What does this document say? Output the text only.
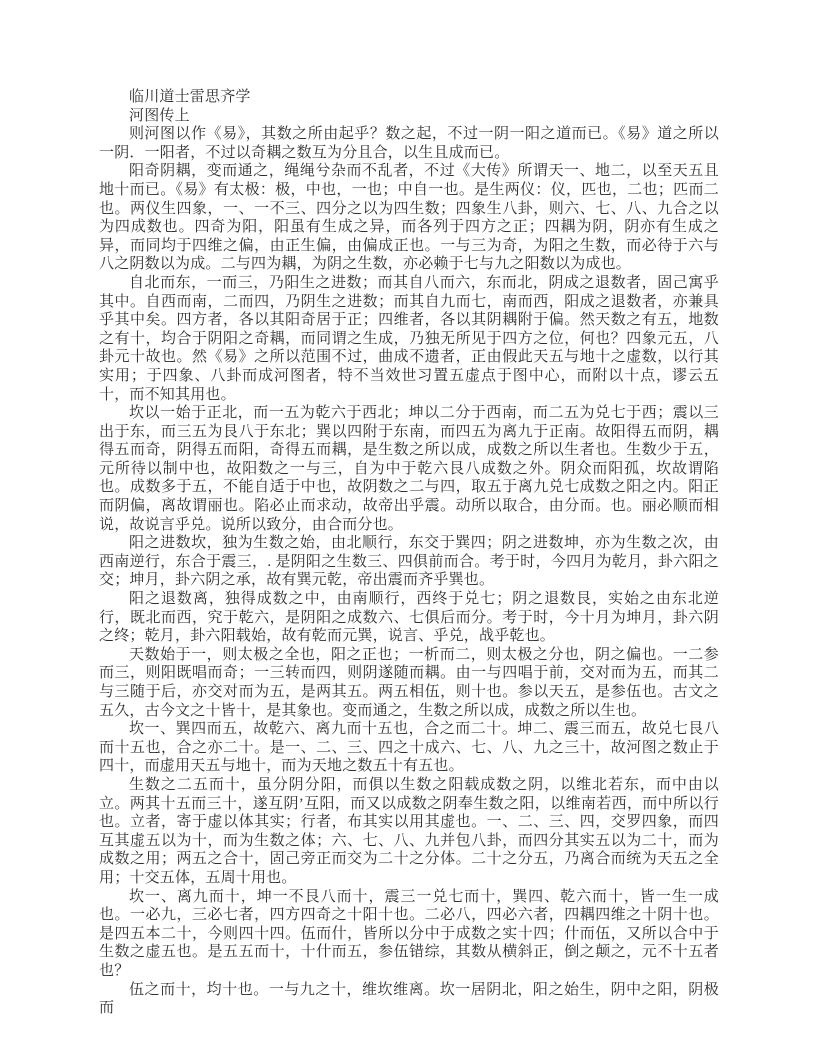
临川道士雷思齐学

河图传上

则河图以作《易》，其数之所由起乎？数之起，不过一阴一阳之道而已。《易》道之所以一阴．一阳者，不过以奇耦之数互为分且合，以生且成而已。

阳奇阴耦，变而通之，绳绳兮杂而不乱者，不过《大传》所谓天一、地二，以至天五且地十而已。《易》有太极：极，中也，一也；中自一也。是生两仪：仪，匹也，二也；匹而二也。两仪生四象，一、一不三、四分之以为四生数；四象生八卦，则六、七、八、九合之以为四成数也。四奇为阳，阳虽有生成之异，而各列于四方之正；四耦为阴，阴亦有生成之异，而同均于四维之偏，由正生偏，由偏成正也。一与三为奇，为阳之生数，而必待于六与八之阴数以为成。二与四为耦，为阴之生数，亦必赖于七与九之阳数以为成也。

自北而东，一而三，乃阳生之进数；而其自八而六，东而北，阴成之退数者，固己寓乎其中。自西而南，二而四，乃阴生之进数；而其自九而七，南而西，阳成之退数者，亦兼具乎其中矣。四方者，各以其阳奇居于正；四维者，各以其阴耦附于偏。然天数之有五，地数之有十，均合于阴阳之奇耦，而同谓之生成，乃独无所见于四方之位，何也？四象元五，八卦元十故也。然《易》之所以范围不过，曲成不遗者，正由假此天五与地十之虚数，以行其实用；于四象、八卦而成河图者，特不当效世习置五虚点于图中心，而附以十点，谬云五十，而不知其用也。

坎以一始于正北，而一五为乾六于西北；坤以二分于西南，而二五为兑七于西；震以三出于东，而三五为艮八于东北；巽以四附于东南，而四五为离九于正南。故阳得五而阴，耦得五而奇，阴得五而阳，奇得五而耦，是生数之所以成，成数之所以生者也。生数少于五，元所待以制中也，故阳数之一与三，自为中于乾六艮八成数之外。阴众而阳孤，坎故谓陷也。成数多于五，不能自适于中也，故阴数之二与四，取五于离九兑七成数之阳之内。阳正而阴偏，离故谓丽也。陷必止而求动，故帝出乎震。动所以取合，由分而。也。丽必顺而相说，故说言乎兑。说所以致分，由合而分也。

阳之进数坎，独为生数之始，由北顺行，东交于巽四；阴之进数坤，亦为生数之次，由西南逆行，东合于震三，. 是阴阳之生数三、四俱前而合。考于时，今四月为乾月，卦六阳之交；坤月，卦六阴之承，故有巽元乾，帝出震而齐乎巽也。

阳之退数离，独得成数之中，由南顺行，西终于兑七；阴之退数艮，实始之由东北逆行，既北而西，究于乾六，是阴阳之成数六、七俱后而分。考于时，今十月为坤月，卦六阴之终；乾月，卦六阳载始，故有乾而元巽，说言、乎兑，战乎乾也。

天数始于一，则太极之全也，阳之正也；一析而二，则太极之分也，阴之偏也。一二参而三，则阳既唱而奇；一三转而四，则阴遂随而耦。由一与四唱于前，交对而为五，而其二与三随于后，亦交对而为五，是两其五。两五相伍，则十也。参以天五，是参伍也。古文之五久，古今文之十皆十，是其象也。变而通之，生数之所以成，成数之所以生也。

坎一、巽四而五，故乾六、离九而十五也，合之而二十。坤二、震三而五，故兑七艮八而十五也，合之亦二十。是一、二、三、四之十成六、七、八、九之三十，故河图之数止于四十，而虚用天五与地十，而为天地之数五十有五也。

生数之二五而十，虽分阴分阳，而俱以生数之阳载成数之阴，以维北若东，而中由以立。两其十五而三十，遂互阴’互阳，而又以成数之阴奉生数之阳，以维南若西，而中所以行也。立者，寄于虚以体其实；行者，布其实以用其虚也。一、二、三、四，交罗四象，而四互其虚五以为十，而为生数之体；六、七、八、九并包八卦，而四分其实五以为二十，而为成数之用；两五之合十，固己旁正而交为二十之分体。二十之分五，乃离合而统为天五之全用；十交五体，五周十用也。

坎一、离九而十，坤一不艮八而十，震三一兑七而十，巽四、乾六而十，皆一生一成也。一必九，三必七者，四方四奇之十阳十也。二必八，四必六者，四耦四维之十阴十也。是四五本二十，今则四十四。伍而什，皆所以分中于成数之实十四；什而伍，又所以合中于生数之虚五也。是五五而十，十什而五，参伍错综，其数从横斜正，倒之颠之，元不十五者也？

伍之而十，均十也。一与九之十，维坎维离。坎一居阴北，阳之始生，阴中之阳，阴极而
